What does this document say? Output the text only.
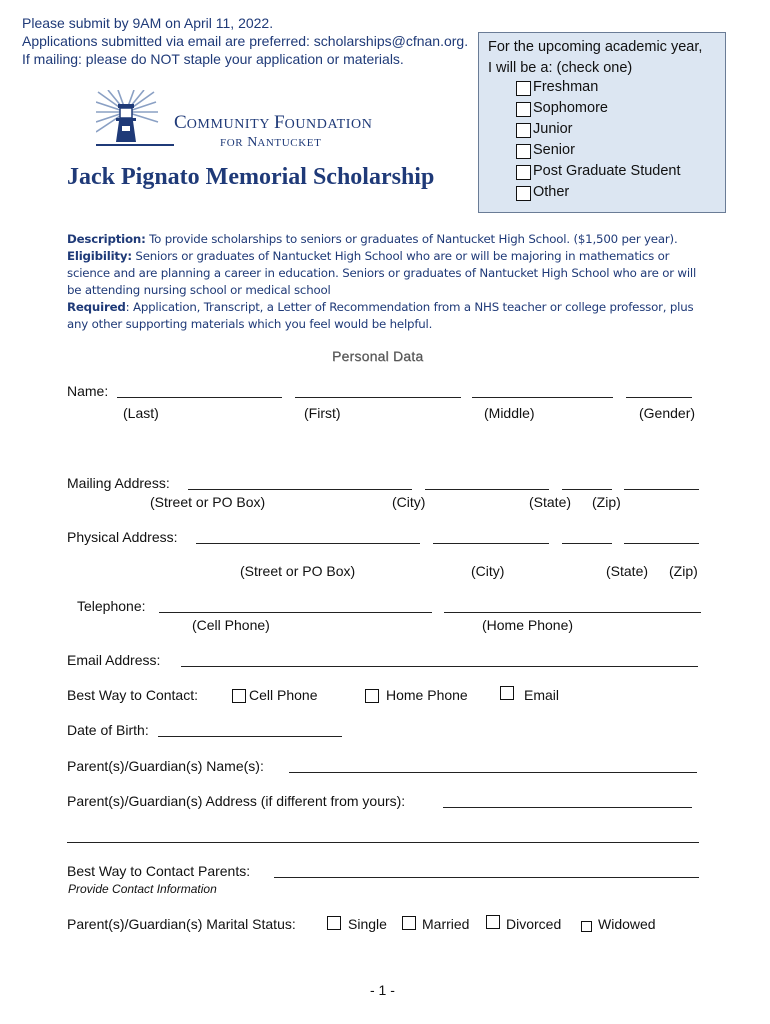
Please submit by 9AM on April 11, 2022.
Applications submitted via email are preferred: scholarships@cfnan.org.
If mailing: please do NOT staple your application or materials.
For the upcoming academic year,
I will be a: (check one)
Freshman
Sophomore
Junior
Senior
Post Graduate Student
Other
COMMUNITY FOUNDATION
FOR NANTUCKET
Jack Pignato Memorial Scholarship
Description: To provide scholarships to seniors or graduates of Nantucket High School. ($1,500 per year).
Eligibility: Seniors or graduates of Nantucket High School who are or will be majoring in mathematics or science and are planning a career in education. Seniors or graduates of Nantucket High School who are or will be attending nursing school or medical school
Required: Application, Transcript, a Letter of Recommendation from a NHS teacher or college professor, plus any other supporting materials which you feel would be helpful.
Personal Data
Name:
(Last)	(First)	(Middle)	(Gender)
Mailing Address:
(Street or PO Box)	(City)	(State) (Zip)
Physical Address:
(Street or PO Box)	(City)	(State) (Zip)
Telephone:
(Cell Phone)	(Home Phone)
Email Address:
Best Way to Contact:	Cell Phone	Home Phone	Email
Date of Birth:
Parent(s)/Guardian(s) Name(s):
Parent(s)/Guardian(s) Address (if different from yours):
Best Way to Contact Parents:
Provide Contact Information
Parent(s)/Guardian(s) Marital Status:	Single	Married	Divorced	Widowed
- 1 -
